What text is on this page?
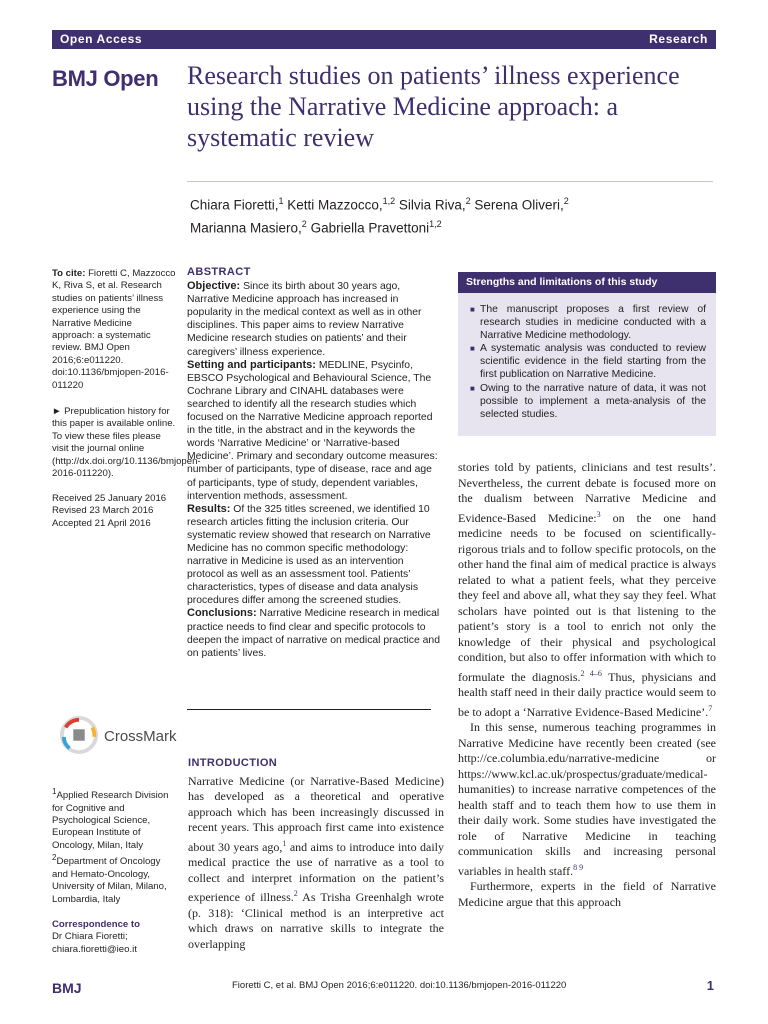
Open Access	Research
BMJ Open Research studies on patients’ illness experience using the Narrative Medicine approach: a systematic review
Chiara Fioretti,$^1$ Ketti Mazzocco,$^{1,2}$ Silvia Riva,$^2$ Serena Oliveri,$^2$
Marianna Masiero,$^2$ Gabriella Pravettoni$^{1,2}$

To cite: Fioretti C, Mazzocco K, Riva S, et al. Research studies on patients’ illness experience using the Narrative Medicine approach: a systematic review. BMJ Open 2016;6:e011220. doi:10.1136/bmjopen-2016-011220

► Prepublication history for this paper is available online. To view these files please visit the journal online (http://dx.doi.org/10.1136/bmjopen-2016-011220).

Received 25 January 2016

Revised 23 March 2016

Accepted 21 April 2016

$^1$Applied Research Division for Cognitive and Psychological Science, European Institute of Oncology, Milan, Italy

$^2$Department of Oncology and Hemato-Oncology, University of Milan, Milano, Lombardia, Italy

Correspondence to

Dr Chiara Fioretti;

chiara.fioretti@ieo.it

ABSTRACT

Objective: Since its birth about 30 years ago, Narrative Medicine approach has increased in popularity in the medical context as well as in other disciplines. This paper aims to review Narrative Medicine research studies on patients’ and their caregivers’ illness experience.

Setting and participants: MEDLINE, Psycinfo, EBSCO Psychological and Behavioural Science, The Cochrane Library and CINAHL databases were searched to identify all the research studies which focused on the Narrative Medicine approach reported in the title, in the abstract and in the keywords the words ‘Narrative Medicine’ or ‘Narrative-based Medicine’. Primary and secondary outcome measures: number of participants, type of disease, race and age of participants, type of study, dependent variables, intervention methods, assessment.

Results: Of the 325 titles screened, we identified 10 research articles fitting the inclusion criteria. Our systematic review showed that research on Narrative Medicine has no common specific methodology: narrative in Medicine is used as an intervention protocol as well as an assessment tool. Patients’ characteristics, types of disease and data analysis procedures differ among the screened studies.

Conclusions: Narrative Medicine research in medical practice needs to find clear and specific protocols to deepen the impact of narrative on medical practice and on patients’ lives.

CrossMark
INTRODUCTION

Narrative Medicine (or Narrative-Based Medicine) has developed as a theoretical and operative approach which has been increasingly discussed in recent years. This approach first came into existence about 30 years ago,$^1$ and aims to introduce into daily medical practice the use of narrative as a tool to collect and interpret information on the patient’s experience of illness.$^2$ As Trisha Greenhalgh wrote (p. 318): ‘Clinical method is an interpretive act which draws on narrative skills to integrate the overlapping

Strengths and limitations of this study
■ The manuscript proposes a first review of research studies in medicine conducted with a Narrative Medicine methodology.
■ A systematic analysis was conducted to review scientific evidence in the field starting from the first publication on Narrative Medicine.
■ Owing to the narrative nature of data, it was not possible to implement a meta-analysis of the selected studies.

stories told by patients, clinicians and test results’. Nevertheless, the current debate is focused more on the dualism between Narrative Medicine and Evidence-Based Medicine:$^3$ on the one hand medicine needs to be focused on scientifically-rigorous trials and to follow specific protocols, on the other hand the final aim of medical practice is always related to what a patient feels, what they perceive they feel and above all, what they say they feel. What scholars have pointed out is that listening to the patient’s story is a tool to enrich not only the knowledge of their physical and psychological condition, but also to offer information with which to formulate the diagnosis.$^{2 4-6}$ Thus, physicians and health staff need in their daily practice would seem to be to adopt a ‘Narrative Evidence-Based Medicine’.$^7$

In this sense, numerous teaching programmes in Narrative Medicine have recently been created (see http://ce.columbia.edu/narrative-medicine or https://www.kcl.ac.uk/prospectus/graduate/medical-humanities) to increase narrative competences of the health staff and to teach them how to use them in their daily work. Some studies have investigated the role of Narrative Medicine in teaching communication skills and increasing personal variables in health staff.$^{8 9}$

Furthermore, experts in the field of Narrative Medicine argue that this approach

BMJ	Fioretti C, et al. BMJ Open 2016;6:e011220. doi:10.1136/bmjopen-2016-011220	1
